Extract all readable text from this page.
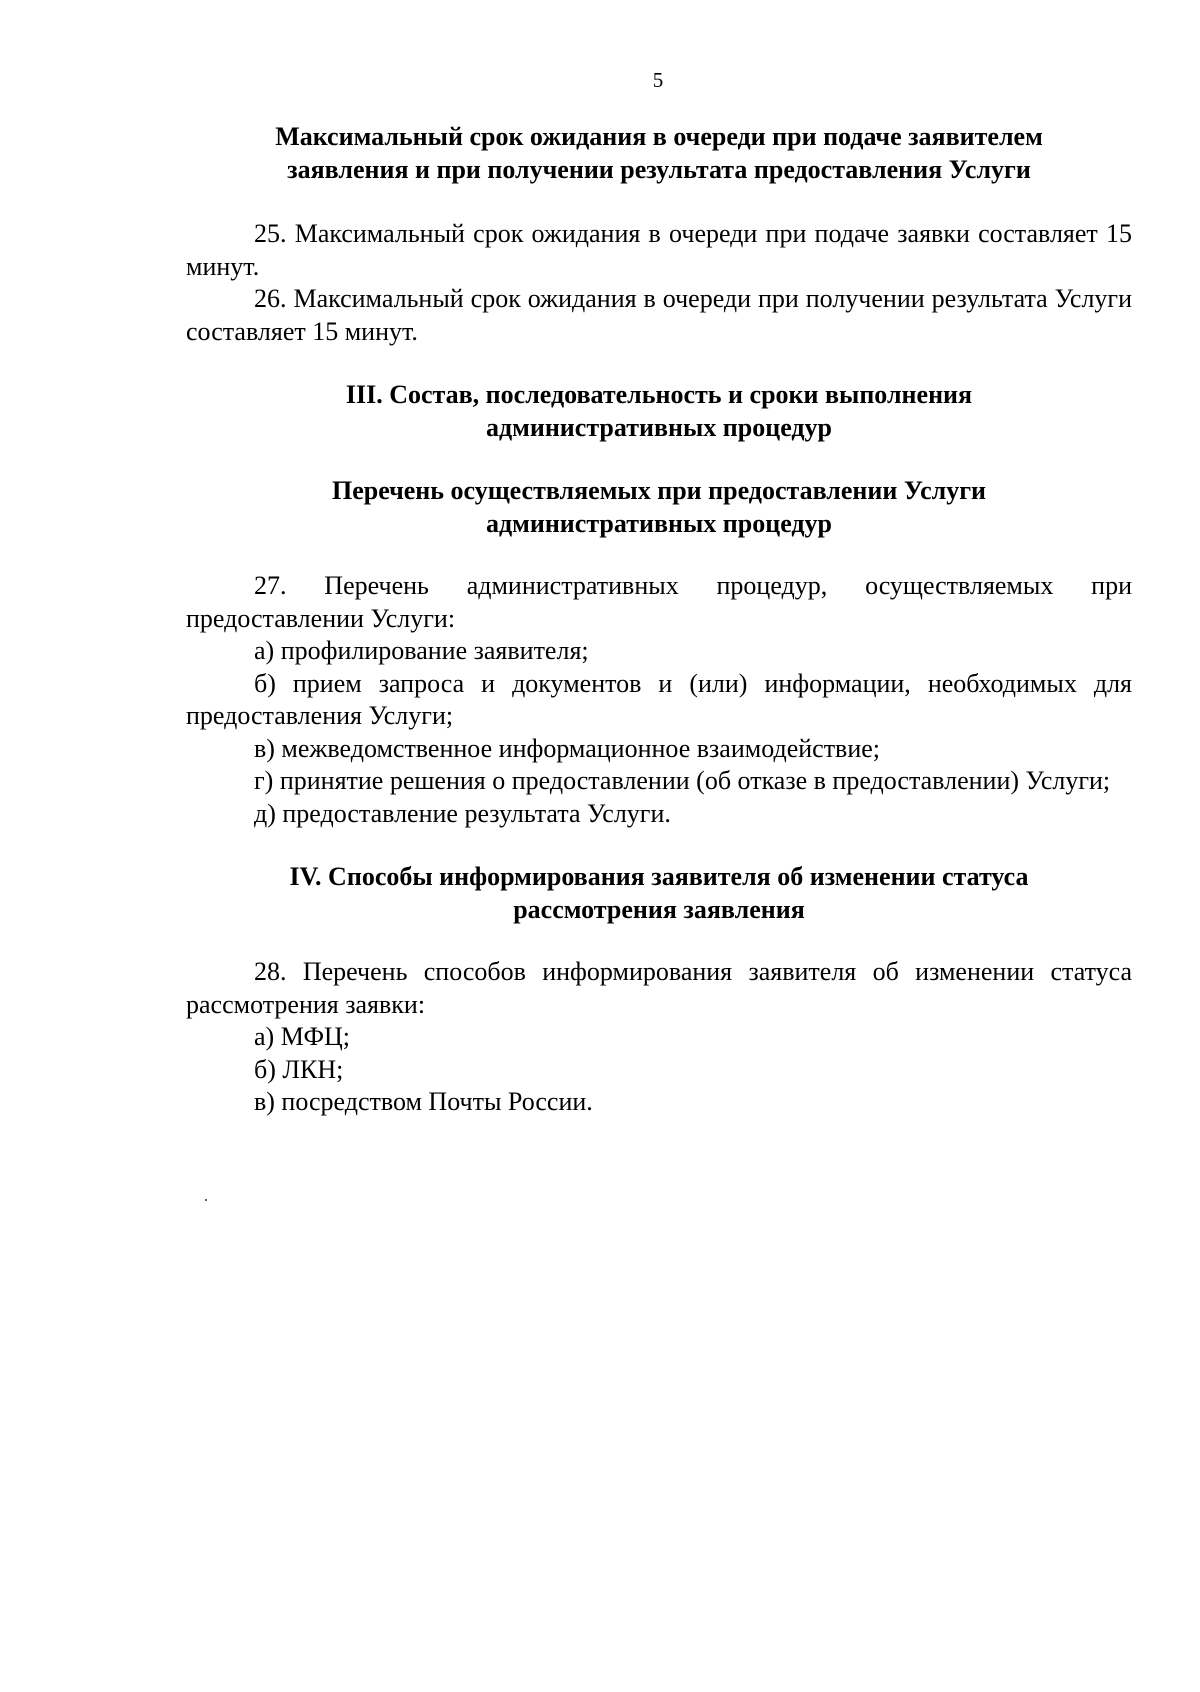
5
Максимальный срок ожидания в очереди при подаче заявителем
заявления и при получении результата предоставления Услуги

25. Максимальный срок ожидания в очереди при подаче заявки составляет 15 минут.

26. Максимальный срок ожидания в очереди при получении результата Услуги составляет 15 минут.

III. Состав, последовательность и сроки выполнения
административных процедур
Перечень осуществляемых при предоставлении Услуги
административных процедур

27. Перечень административных процедур, осуществляемых при предоставлении Услуги:

а) профилирование заявителя;

б) прием запроса и документов и (или) информации, необходимых для предоставления Услуги;

в) межведомственное информационное взаимодействие;

г) принятие решения о предоставлении (об отказе в предоставлении) Услуги;

д) предоставление результата Услуги.

IV. Способы информирования заявителя об изменении статуса
рассмотрения заявления

28. Перечень способов информирования заявителя об изменении статуса рассмотрения заявки:

а) МФЦ;

б) ЛКН;

в) посредством Почты России.
